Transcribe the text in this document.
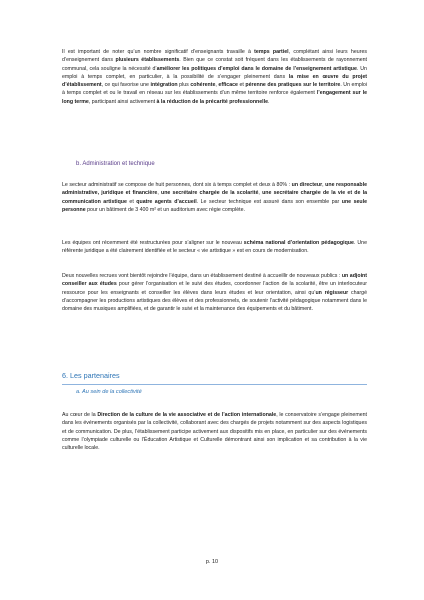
Il est important de noter qu’un nombre significatif d’enseignants travaille à temps partiel, complétant ainsi leurs heures d’enseignement dans plusieurs établissements. Bien que ce constat soit fréquent dans les établissements de rayonnement communal, cela souligne la nécessité d’améliorer les politiques d’emploi dans le domaine de l’enseignement artistique. Un emploi à temps complet, en particulier, à la possibilité de s’engager pleinement dans la mise en œuvre du projet d’établissement, ce qui favorise une intégration plus cohérente, efficace et pérenne des pratiques sur le territoire. Un emploi à temps complet et ou le travail en réseau sur les établissements d’un même territoire renforce également l’engagement sur le long terme, participant ainsi activement à la réduction de la précarité professionnelle.

b. Administration et technique

Le secteur administratif se compose de huit personnes, dont six à temps complet et deux à 80% : un directeur, une responsable administrative, juridique et financière, une secrétaire chargée de la scolarité, une secrétaire chargée de la vie et de la communication artistique et quatre agents d’accueil. Le secteur technique est assuré dans son ensemble par une seule personne pour un bâtiment de 3 400 m² et un auditorium avec régie complète.

Les équipes ont récemment été restructurées pour s’aligner sur le nouveau schéma national d’orientation pédagogique. Une référente juridique a été clairement identifiée et le secteur « vie artistique » est en cours de modernisation.

Deux nouvelles recrues vont bientôt rejoindre l’équipe, dans un établissement destiné à accueillir de nouveaux publics : un adjoint conseiller aux études pour gérer l’organisation et le suivi des études, coordonner l’action de la scolarité, être un interlocuteur ressource pour les enseignants et conseiller les élèves dans leurs études et leur orientation, ainsi qu’un régisseur chargé d’accompagner les productions artistiques des élèves et des professionnels, de soutenir l’activité pédagogique notamment dans le domaine des musiques amplifiées, et de garantir le suivi et la maintenance des équipements et du bâtiment.

6. Les partenaires
a. Au sein de la collectivité

Au cœur de la Direction de la culture de la vie associative et de l’action internationale, le conservatoire s’engage pleinement dans les événements organisés par la collectivité, collaborant avec des chargés de projets notamment sur des aspects logistiques et de communication. De plus, l’établissement participe activement aux dispositifs mis en place, en particulier sur des événements comme l’olympiade culturelle ou l’Éducation Artistique et Culturelle démontrant ainsi son implication et sa contribution à la vie culturelle locale.

p. 10
